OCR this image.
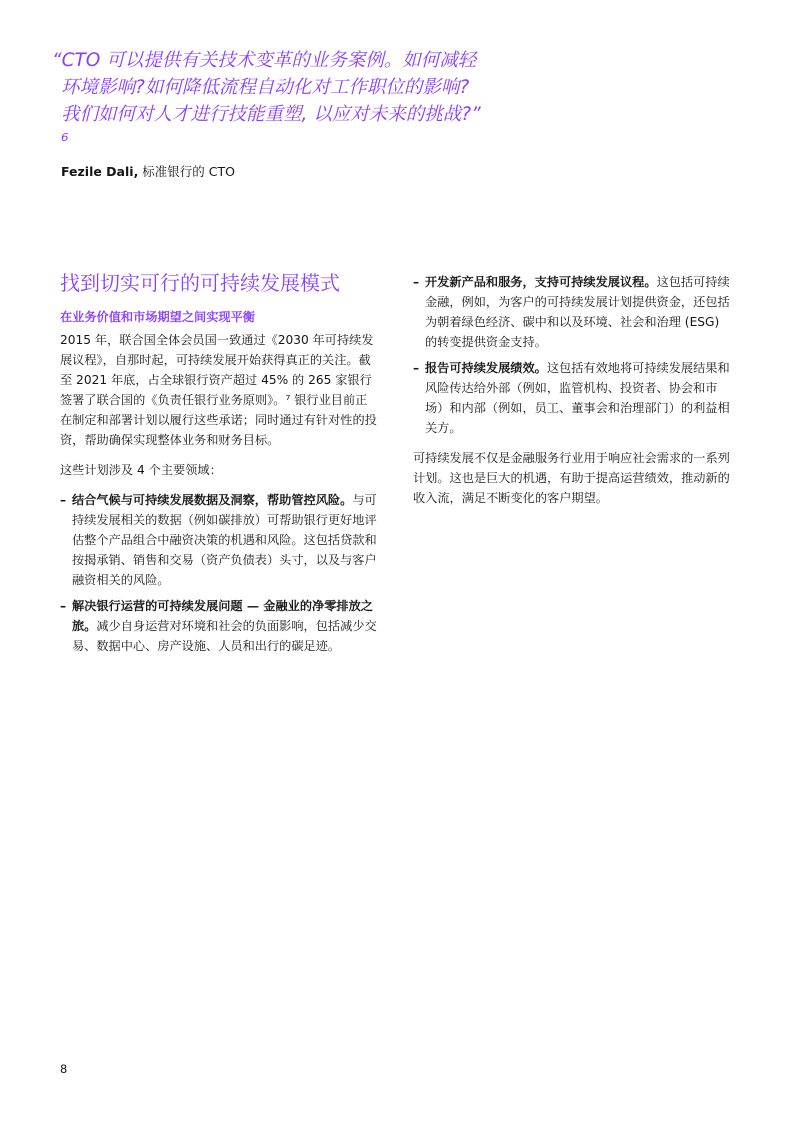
“CTO 可以提供有关技术变革的业务案例。如何减轻环境影响?如何降低流程自动化对工作职位的影响?我们如何对人才进行技能重塑, 以应对未来的挑战?” ⁶
Fezile Dali, 标准银行的 CTO
找到切实可行的可持续发展模式
在业务价值和市场期望之间实现平衡

2015 年，联合国全体会员国一致通过《2030 年可持续发展议程》，自那时起，可持续发展开始获得真正的关注。截至 2021 年底，占全球银行资产超过 45% 的 265 家银行签署了联合国的《负责任银行业务原则》。⁷ 银行业目前正在制定和部署计划以履行这些承诺；同时通过有针对性的投资，帮助确保实现整体业务和财务目标。

这些计划涉及 4 个主要领域：

– 结合气候与可持续发展数据及洞察，帮助管控风险。与可持续发展相关的数据（例如碳排放）可帮助银行更好地评估整个产品组合中融资决策的机遇和风险。这包括贷款和按揭承销、销售和交易（资产负债表）头寸，以及与客户融资相关的风险。
– 解决银行运营的可持续发展问题 — 金融业的净零排放之旅。减少自身运营对环境和社会的负面影响，包括减少交易、数据中心、房产设施、人员和出行的碳足迹。
– 开发新产品和服务，支持可持续发展议程。这包括可持续金融，例如，为客户的可持续发展计划提供资金，还包括为朝着绿色经济、碳中和以及环境、社会和治理 (ESG) 的转变提供资金支持。
– 报告可持续发展绩效。这包括有效地将可持续发展结果和风险传达给外部（例如，监管机构、投资者、协会和市场）和内部（例如，员工、董事会和治理部门）的利益相关方。

可持续发展不仅是金融服务行业用于响应社会需求的一系列计划。这也是巨大的机遇，有助于提高运营绩效，推动新的收入流，满足不断变化的客户期望。

8
